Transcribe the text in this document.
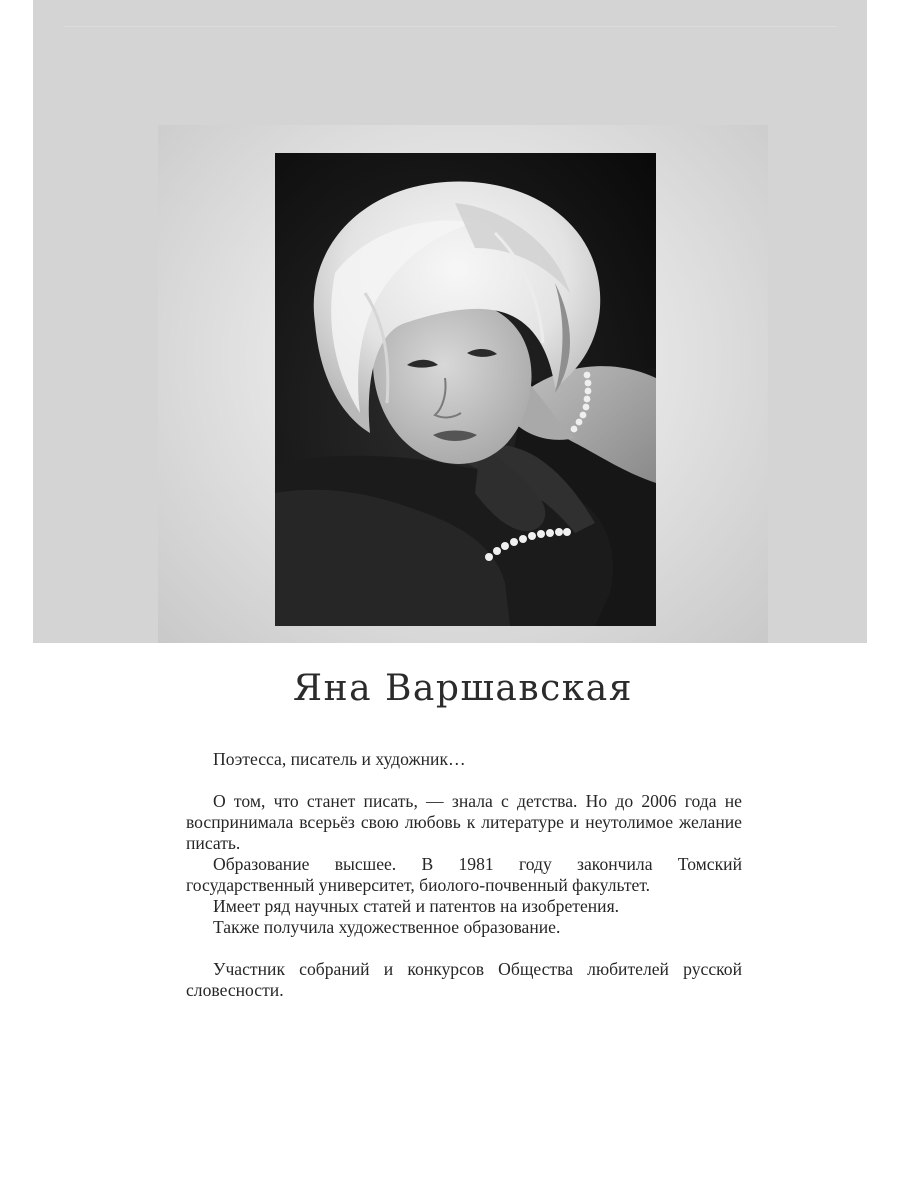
Яна Варшавская

Поэтесса, писатель и художник…

О том, что станет писать, — знала с детства. Но до 2006 года не воспринимала всерьёз свою любовь к литературе и неутолимое желание писать.

Образование высшее. В 1981 году закончила Томский государственный университет, биолого-почвенный факультет.

Имеет ряд научных статей и патентов на изобретения.

Также получила художественное образование.

Участник собраний и конкурсов Общества любителей русской словесности.
